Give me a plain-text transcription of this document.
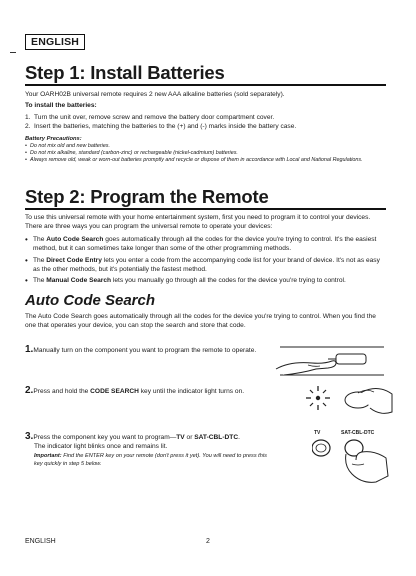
ENGLISH
Step 1: Install Batteries

Your OARH02B universal remote requires 2 new AAA alkaline batteries (sold separately).

To install the batteries:

1. Turn the unit over, remove screw and remove the battery door compartment cover.
2. Insert the batteries, matching the batteries to the (+) and (-) marks inside the battery case.

Battery Precautions:

• Do not mix old and new batteries.
• Do not mix alkaline, standard (carbon-zinc) or rechargeable (nickel-cadmium) batteries.
• Always remove old, weak or worn-out batteries promptly and recycle or dispose of them in accordance with Local and National Regulations.
Step 2: Program the Remote

To use this universal remote with your home entertainment system, first you need to program it to control your devices. There are three ways you can program the universal remote to operate your devices:

• The Auto Code Search goes automatically through all the codes for the device you're trying to control. It's the easiest method, but it can sometimes take longer than some of the other programming methods.
• The Direct Code Entry lets you enter a code from the accompanying code list for your brand of device. It's not as easy as the other methods, but it's potentially the fastest method.
• The Manual Code Search lets you manually go through all the codes for the device you're trying to control.
Auto Code Search
The Auto Code Search goes automatically through all the codes for the device you're trying to control. When you find the one that operates your device, you can stop the search and store that code.
1.Manually turn on the component you want to program the remote to operate.
2.Press and hold the CODE SEARCH key until the indicator light turns on.
3.Press the component key you want to program—TV or SAT-CBL-DTC.
The indicator light blinks once and remains lit.
Important: Find the ENTER key on your remote (don't press it yet). You will need to press this key quickly in step 5 below.
TV	SAT-CBL-DTC
ENGLISH	2
